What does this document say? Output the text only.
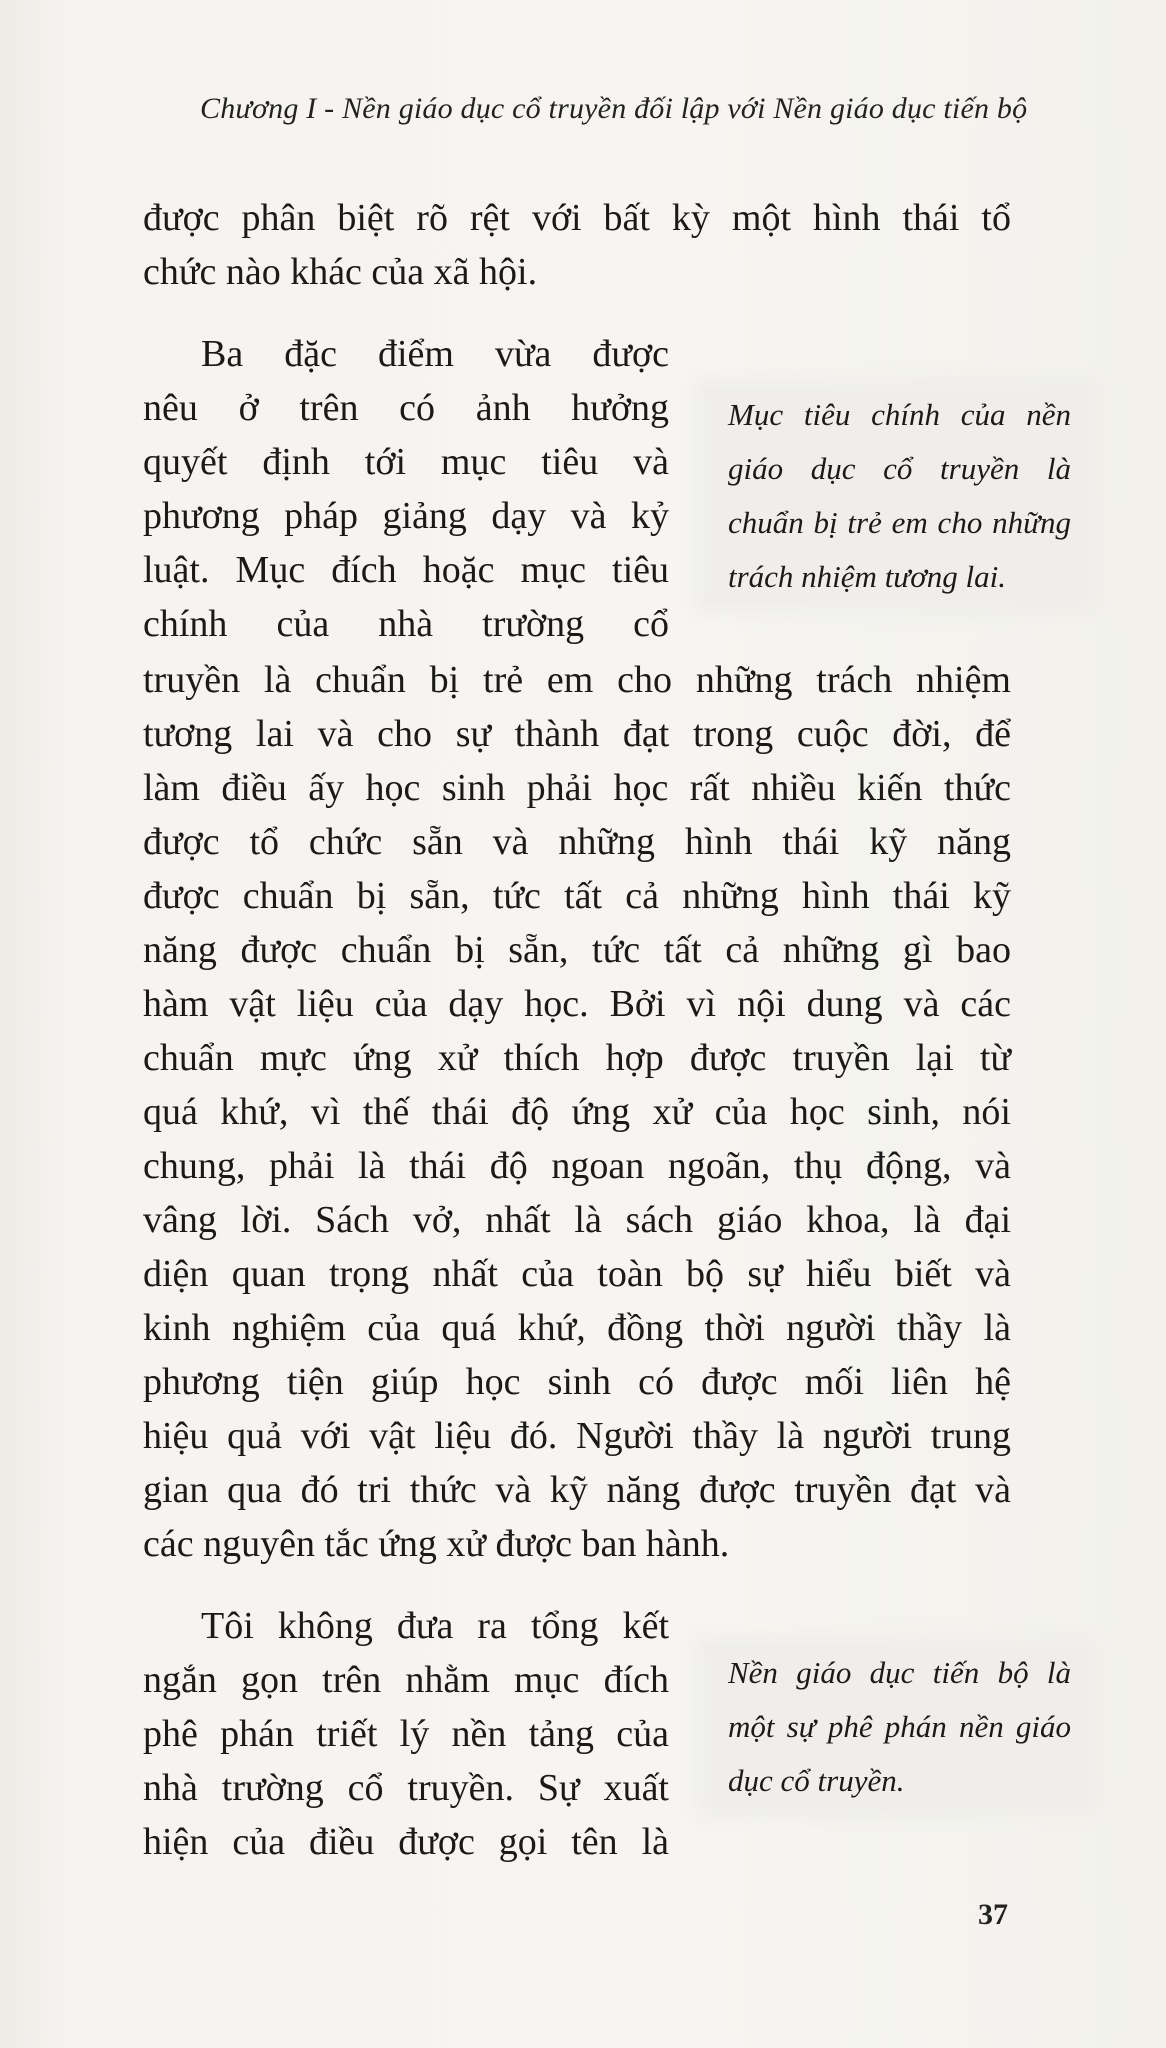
Chương I - Nền giáo dục cổ truyền đối lập với Nền giáo dục tiến bộ
được phân biệt rõ rệt với bất kỳ một hình thái tổ
chức nào khác của xã hội.
Ba đặc điểm vừa được
nêu ở trên có ảnh hưởng
quyết định tới mục tiêu và
phương pháp giảng dạy và kỷ
luật. Mục đích hoặc mục tiêu
chính của nhà trường cổ
truyền là chuẩn bị trẻ em cho những trách nhiệm
tương lai và cho sự thành đạt trong cuộc đời, để
làm điều ấy học sinh phải học rất nhiều kiến thức
được tổ chức sẵn và những hình thái kỹ năng
được chuẩn bị sẵn, tức tất cả những hình thái kỹ
năng được chuẩn bị sẵn, tức tất cả những gì bao
hàm vật liệu của dạy học. Bởi vì nội dung và các
chuẩn mực ứng xử thích hợp được truyền lại từ
quá khứ, vì thế thái độ ứng xử của học sinh, nói
chung, phải là thái độ ngoan ngoãn, thụ động, và
vâng lời. Sách vở, nhất là sách giáo khoa, là đại
diện quan trọng nhất của toàn bộ sự hiểu biết và
kinh nghiệm của quá khứ, đồng thời người thầy là
phương tiện giúp học sinh có được mối liên hệ
hiệu quả với vật liệu đó. Người thầy là người trung
gian qua đó tri thức và kỹ năng được truyền đạt và
các nguyên tắc ứng xử được ban hành.
Tôi không đưa ra tổng kết
ngắn gọn trên nhằm mục đích
phê phán triết lý nền tảng của
nhà trường cổ truyền. Sự xuất
hiện của điều được gọi tên là
Mục tiêu chính của nền
giáo dục cổ truyền là
chuẩn bị trẻ em cho những
trách nhiệm tương lai.
Nền giáo dục tiến bộ là
một sự phê phán nền giáo
dục cổ truyền.
37
